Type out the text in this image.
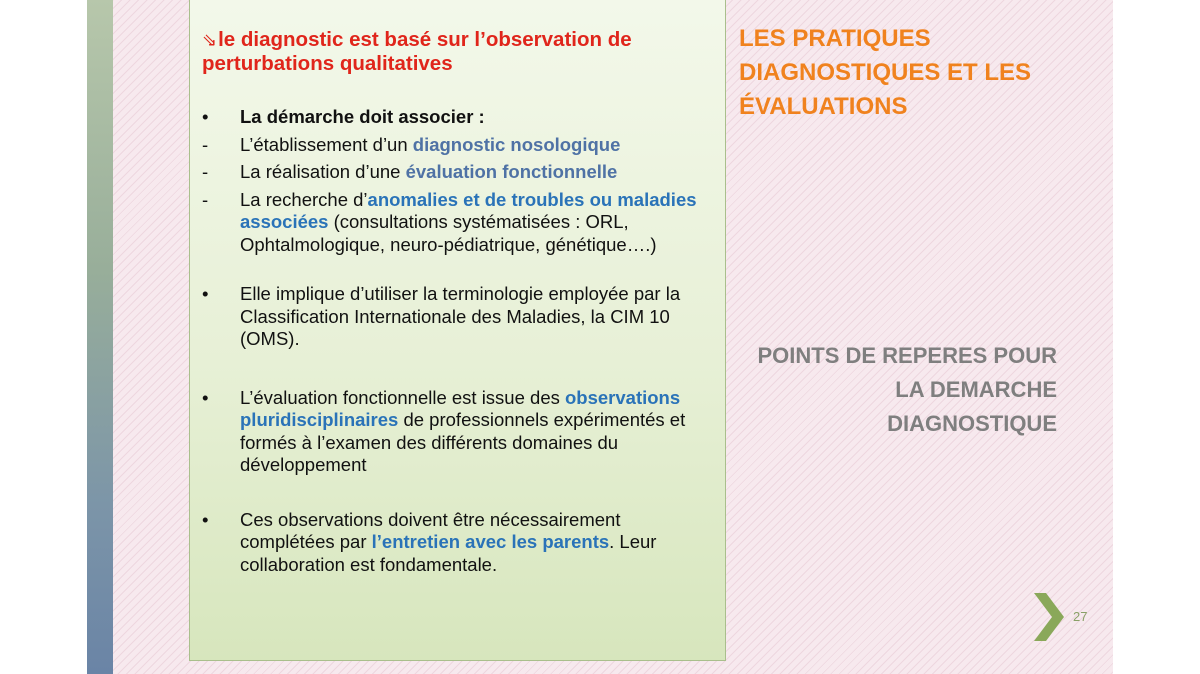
⇘le diagnostic est basé sur l’observation de perturbations qualitatives
•	La démarche doit associer :
-	L’établissement d’un diagnostic nosologique
-	La réalisation d’une évaluation fonctionnelle
-	La recherche d’anomalies et de troubles ou maladies associées (consultations systématisées : ORL, Ophtalmologique, neuro-pédiatrique, génétique….)
•	Elle implique d’utiliser la terminologie employée par la Classification Internationale des Maladies, la CIM 10 (OMS).
•	L’évaluation fonctionnelle est issue des observations pluridisciplinaires de professionnels expérimentés et formés à l’examen des différents domaines du développement
•	Ces observations doivent être nécessairement complétées par l’entretien avec les parents. Leur collaboration est fondamentale.
LES PRATIQUES DIAGNOSTIQUES ET LES ÉVALUATIONS
POINTS DE REPERES POUR LA DEMARCHE DIAGNOSTIQUE
27
